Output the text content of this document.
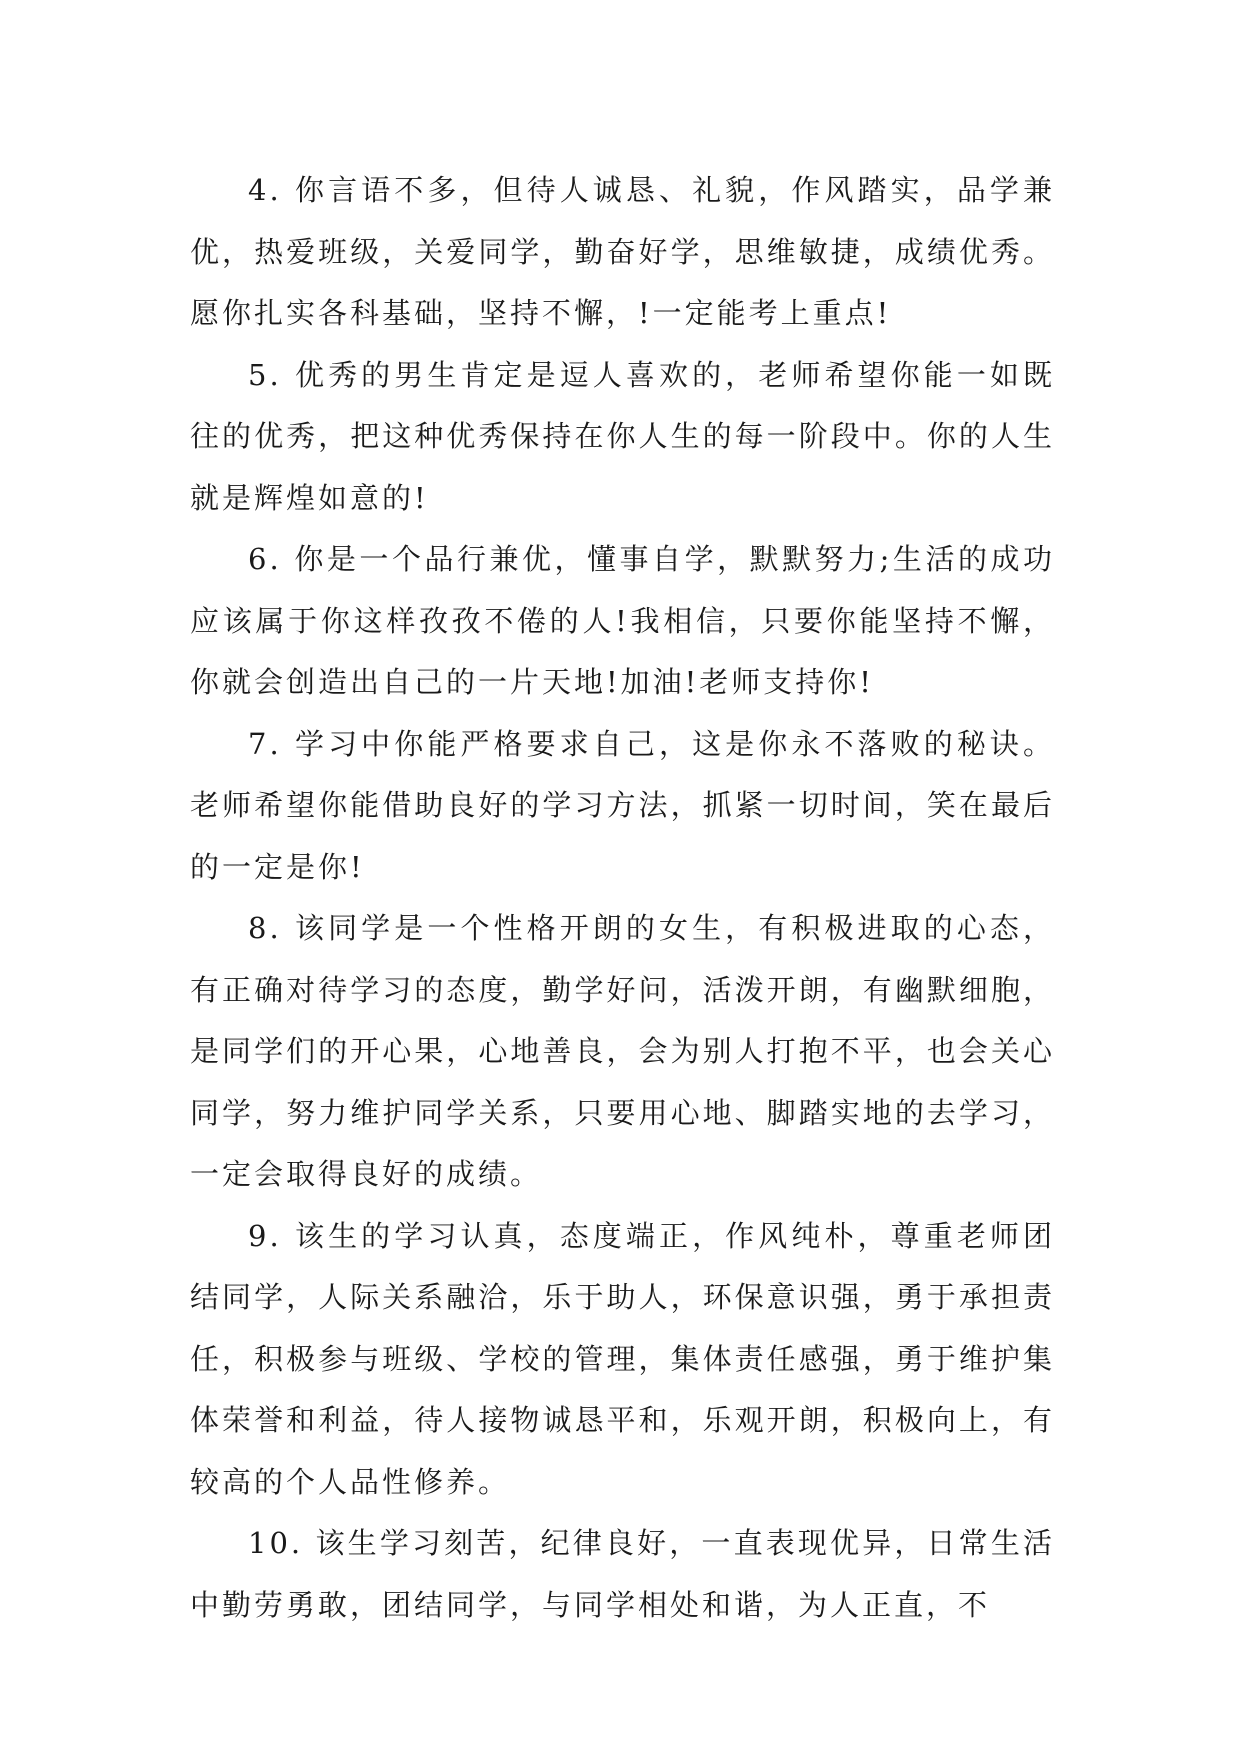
4. 你言语不多，但待人诚恳、礼貌，作风踏实，品学兼优，热爱班级，关爱同学，勤奋好学，思维敏捷，成绩优秀。愿你扎实各科基础，坚持不懈，!一定能考上重点!

5. 优秀的男生肯定是逗人喜欢的，老师希望你能一如既往的优秀，把这种优秀保持在你人生的每一阶段中。你的人生就是辉煌如意的!

6. 你是一个品行兼优，懂事自学，默默努力;生活的成功应该属于你这样孜孜不倦的人!我相信，只要你能坚持不懈，你就会创造出自己的一片天地!加油!老师支持你!

7. 学习中你能严格要求自己，这是你永不落败的秘诀。老师希望你能借助良好的学习方法，抓紧一切时间，笑在最后的一定是你!

8. 该同学是一个性格开朗的女生，有积极进取的心态，有正确对待学习的态度，勤学好问，活泼开朗，有幽默细胞，是同学们的开心果，心地善良，会为别人打抱不平，也会关心同学，努力维护同学关系，只要用心地、脚踏实地的去学习，一定会取得良好的成绩。

9. 该生的学习认真，态度端正，作风纯朴，尊重老师团结同学，人际关系融洽，乐于助人，环保意识强，勇于承担责任，积极参与班级、学校的管理，集体责任感强，勇于维护集体荣誉和利益，待人接物诚恳平和，乐观开朗，积极向上，有较高的个人品性修养。

10. 该生学习刻苦，纪律良好，一直表现优异，日常生活中勤劳勇敢，团结同学，与同学相处和谐，为人正直，不
